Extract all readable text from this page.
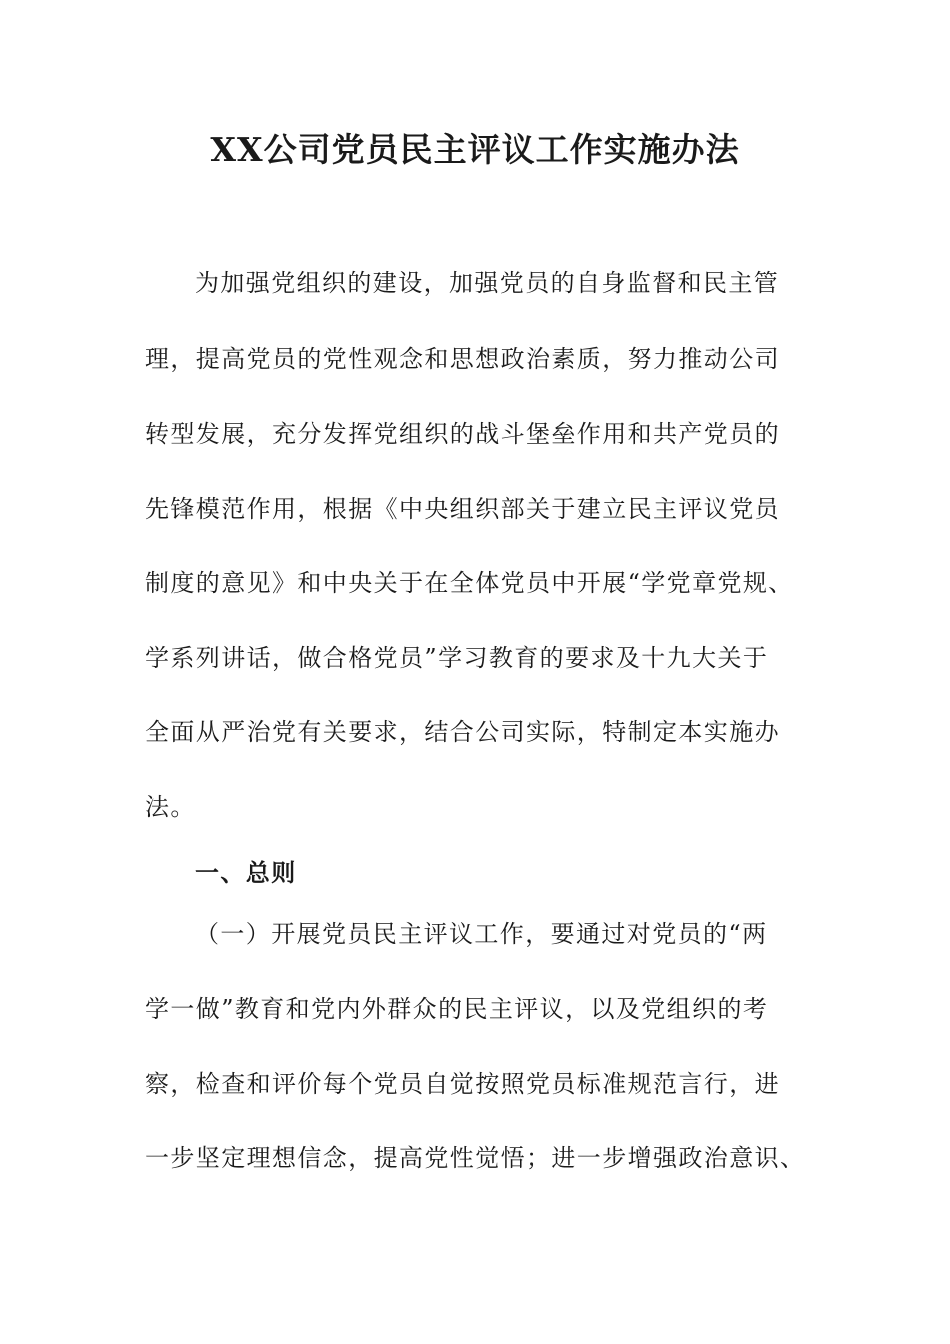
XX公司党员民主评议工作实施办法
为加强党组织的建设，加强党员的自身监督和民主管
理，提高党员的党性观念和思想政治素质，努力推动公司
转型发展，充分发挥党组织的战斗堡垒作用和共产党员的
先锋模范作用，根据《中央组织部关于建立民主评议党员
制度的意见》和中央关于在全体党员中开展“学党章党规、
学系列讲话，做合格党员”学习教育的要求及十九大关于
全面从严治党有关要求，结合公司实际，特制定本实施办
法。
一、总则
（一）开展党员民主评议工作，要通过对党员的“两
学一做”教育和党内外群众的民主评议，以及党组织的考
察，检查和评价每个党员自觉按照党员标准规范言行，进
一步坚定理想信念，提高党性觉悟；进一步增强政治意识、
